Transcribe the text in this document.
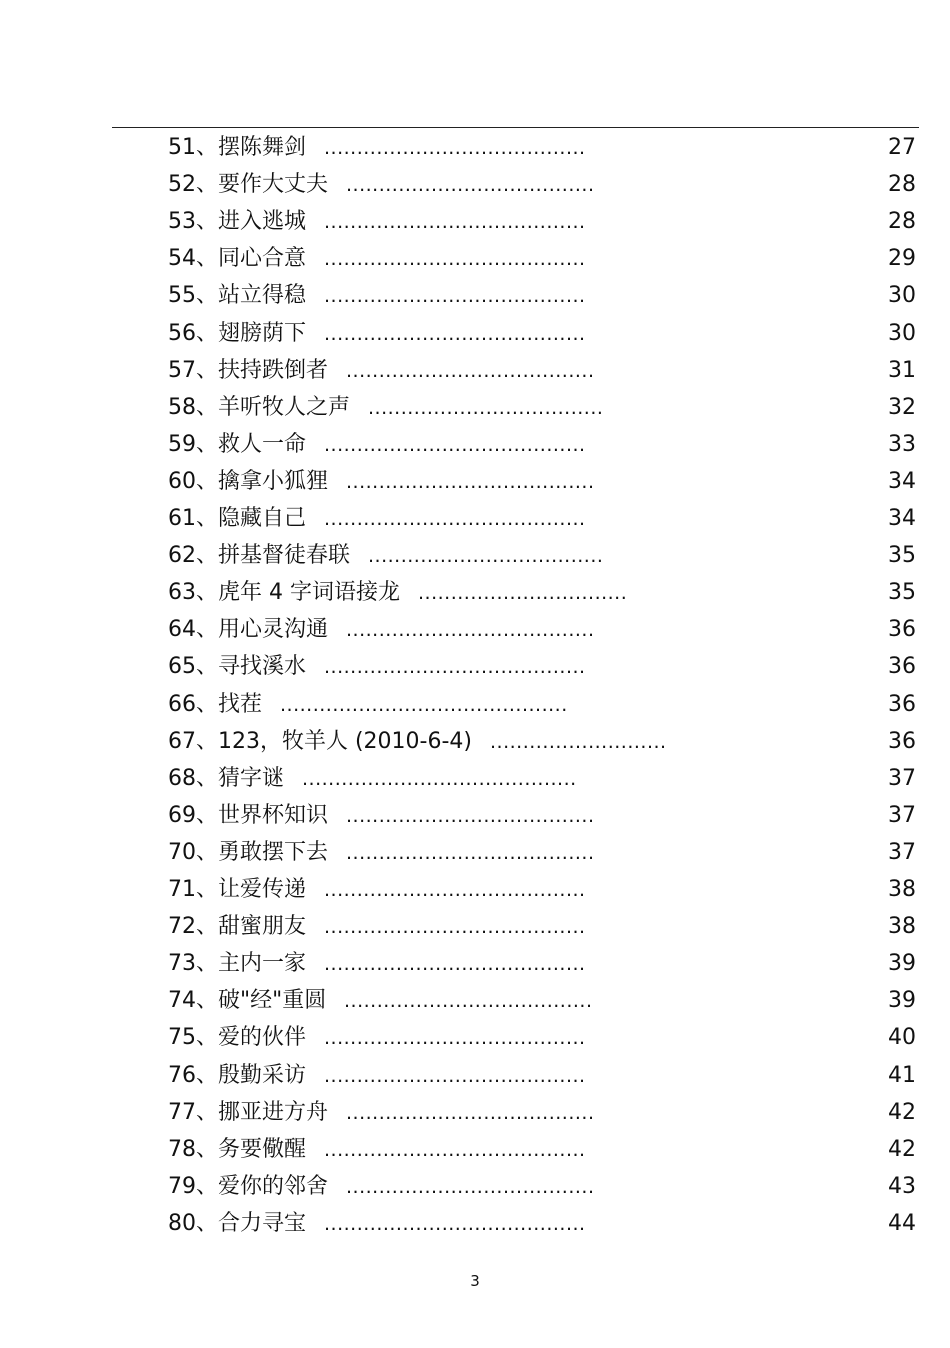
51、摆陈舞剑 ........................................	27
52、要作大丈夫 ......................................	28
53、进入逃城 ........................................	28
54、同心合意 ........................................	29
55、站立得稳 ........................................	30
56、翅膀荫下 ........................................	30
57、扶持跌倒者 ......................................	31
58、羊听牧人之声 ....................................	32
59、救人一命 ........................................	33
60、擒拿小狐狸 ......................................	34
61、隐藏自己 ........................................	34
62、拼基督徒春联 ....................................	35
63、虎年 4 字词语接龙 ................................	35
64、用心灵沟通 ......................................	36
65、寻找溪水 ........................................	36
66、找茬 ............................................	36
67、123，牧羊人 (2010-6-4) ...........................	36
68、猜字谜 ..........................................	37
69、世界杯知识 ......................................	37
70、勇敢摆下去 ......................................	37
71、让爱传递 ........................................	38
72、甜蜜朋友 ........................................	38
73、主内一家 ........................................	39
74、破"经"重圆 ......................................	39
75、爱的伙伴 ........................................	40
76、殷勤采访 ........................................	41
77、挪亚进方舟 ......................................	42
78、务要儆醒 ........................................	42
79、爱你的邻舍 ......................................	43
80、合力寻宝 ........................................	44
3
